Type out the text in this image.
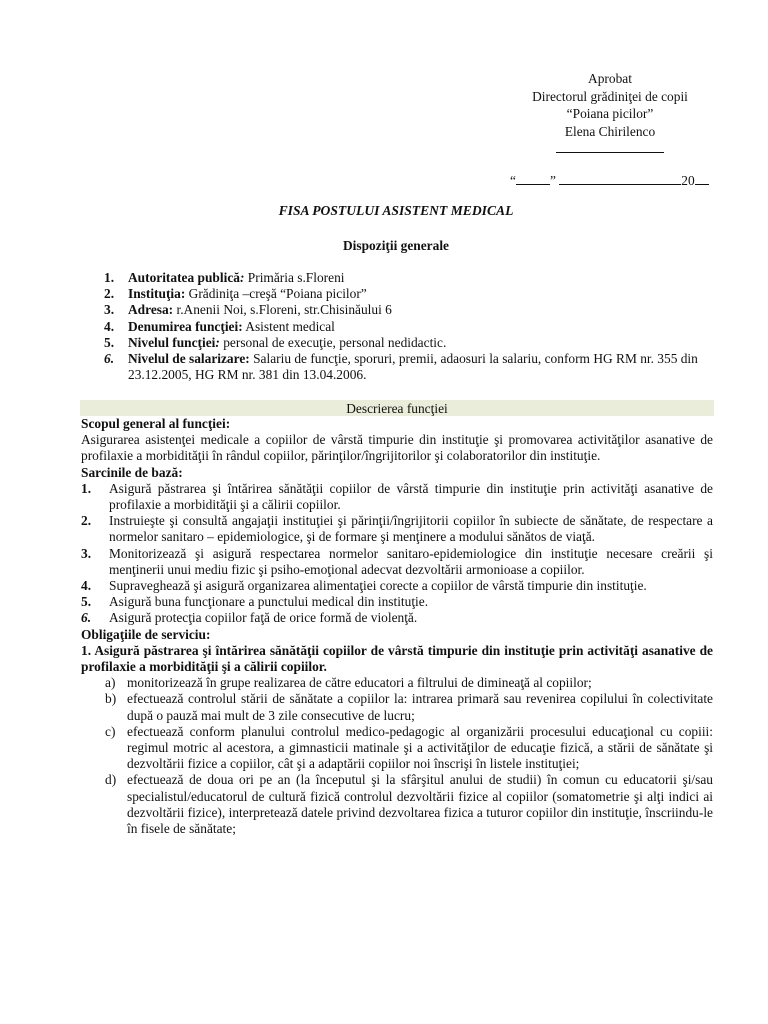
Aprobat
Directorul grădiniţei de copii
“Poiana picilor”
Elena Chirilenco
“	”	20
FISA POSTULUI ASISTENT MEDICAL
Dispoziţii generale
1. Autoritatea publică: Primăria s.Floreni
2. Instituţia: Grădiniţa –creşă “Poiana picilor”
3. Adresa: r.Anenii Noi, s.Floreni, str.Chisinăului 6
4. Denumirea funcţiei: Asistent medical
5. Nivelul funcţiei: personal de execuţie, personal nedidactic.
6. Nivelul de salarizare: Salariu de funcţie, sporuri, premii, adaosuri la salariu, conform HG RM nr. 355 din 23.12.2005, HG RM nr. 381 din 13.04.2006.
Descrierea funcţiei

Scopul general al funcţiei:

Asigurarea asistenţei medicale a copiilor de vârstă timpurie din instituţie şi promovarea activităţilor asanative de profilaxie a morbidităţii în rândul copiilor, părinţilor/îngrijitorilor şi colaboratorilor din instituţie.

Sarcinile de bază:

1. Asigură păstrarea şi întărirea sănătăţii copiilor de vârstă timpurie din instituţie prin activităţi asanative de profilaxie a morbidităţii şi a călirii copiilor.
2. Instruieşte şi consultă angajaţii instituţiei şi părinţii/îngrijitorii copiilor în subiecte de sănătate, de respectare a normelor sanitaro – epidemiologice, şi de formare şi menţinere a modului sănătos de viaţă.
3. Monitorizează şi asigură respectarea normelor sanitaro-epidemiologice din instituţie necesare creării şi menţinerii unui mediu fizic şi psiho-emoţional adecvat dezvoltării armonioase a copiilor.
4. Supraveghează şi asigură organizarea alimentaţiei corecte a copiilor de vârstă timpurie din instituţie.
5. Asigură buna funcţionare a punctului medical din instituţie.
6. Asigură protecţia copiilor faţă de orice formă de violenţă.

Obligaţiile de serviciu:

1. Asigură păstrarea şi întărirea sănătăţii copiilor de vârstă timpurie din instituţie prin activităţi asanative de profilaxie a morbidităţii şi a călirii copiilor.

a) monitorizează în grupe realizarea de către educatori a filtrului de dimineaţă al copiilor;
b) efectuează controlul stării de sănătate a copiilor la: intrarea primară sau revenirea copilului în colectivitate după o pauză mai mult de 3 zile consecutive de lucru;
c) efectuează conform planului controlul medico-pedagogic al organizării procesului educaţional cu copiii: regimul motric al acestora, a gimnasticii matinale şi a activităţilor de educaţie fizică, a stării de sănătate şi dezvoltării fizice a copiilor, cât şi a adaptării copiilor noi înscrişi în listele instituţiei;
d) efectuează de doua ori pe an (la începutul şi la sfârşitul anului de studii) în comun cu educatorii şi/sau specialistul/educatorul de cultură fizică controlul dezvoltării fizice al copiilor (somatometrie şi alţi indici ai dezvoltării fizice), interpretează datele privind dezvoltarea fizica a tuturor copiilor din instituţie, înscriindu-le în fisele de sănătate;
